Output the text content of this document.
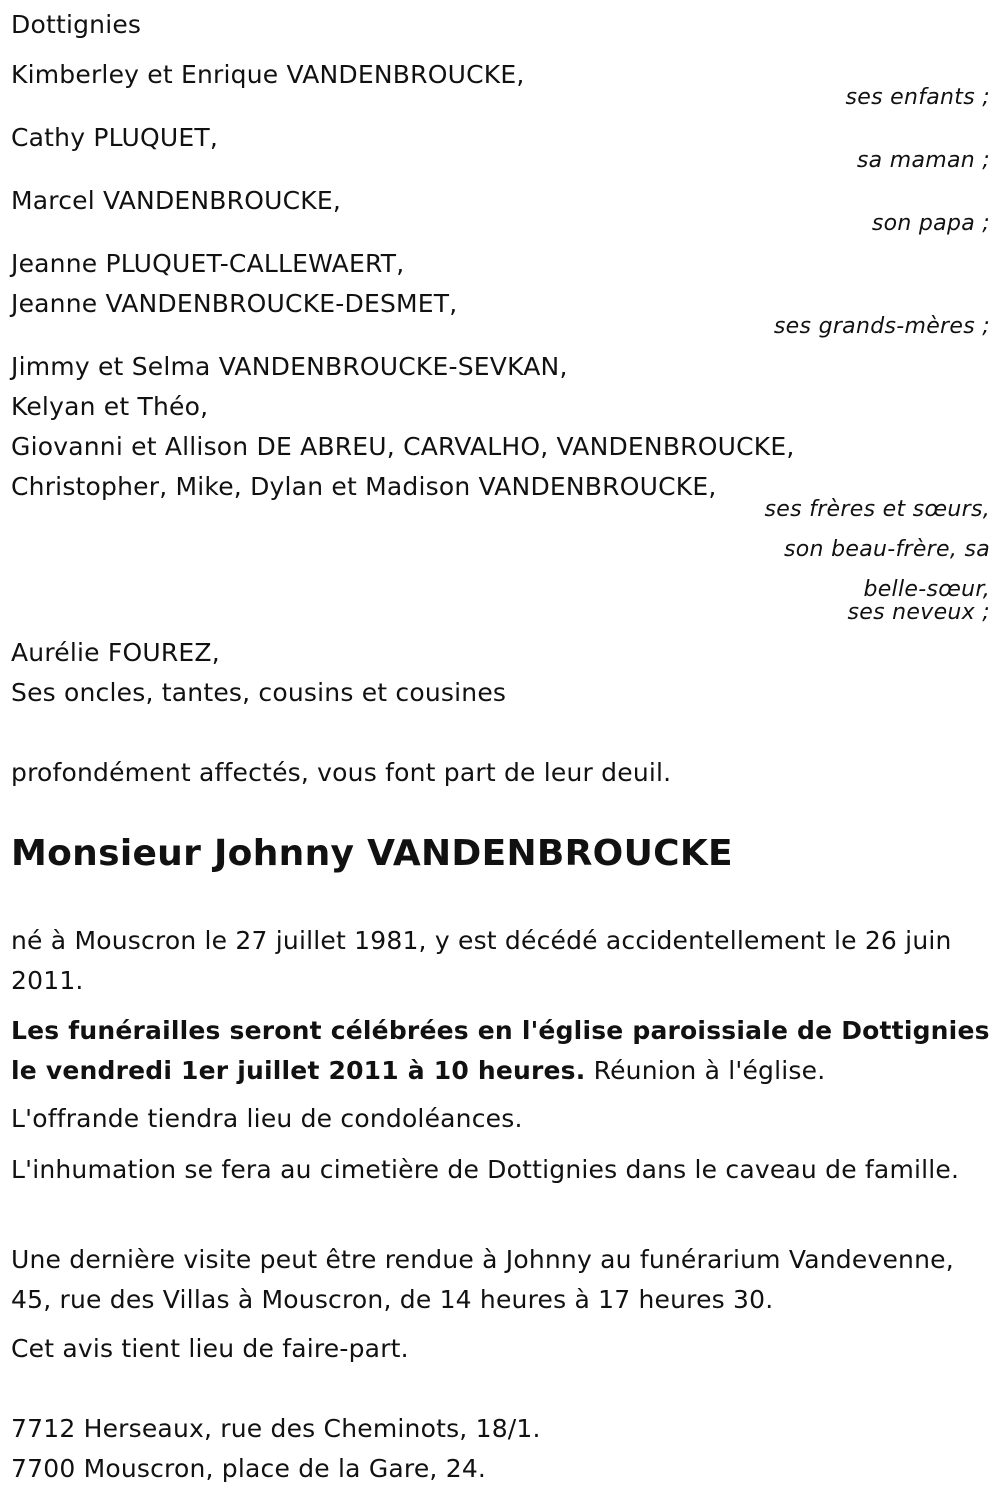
Dottignies
Kimberley et Enrique VANDENBROUCKE,
ses enfants ;
Cathy PLUQUET,
sa maman ;
Marcel VANDENBROUCKE,
son papa ;
Jeanne PLUQUET-CALLEWAERT,
Jeanne VANDENBROUCKE-DESMET,
ses grands-mères ;
Jimmy et Selma VANDENBROUCKE-SEVKAN,
Kelyan et Théo,
Giovanni et Allison DE ABREU, CARVALHO, VANDENBROUCKE,
Christopher, Mike, Dylan et Madison VANDENBROUCKE,
ses frères et sœurs,
son beau-frère, sa
belle-sœur,
ses neveux ;
Aurélie FOUREZ,
Ses oncles, tantes, cousins et cousines
profondément affectés, vous font part de leur deuil.
Monsieur Johnny VANDENBROUCKE
né à Mouscron le 27 juillet 1981, y est décédé accidentellement le 26 juin 2011.
Les funérailles seront célébrées en l'église paroissiale de Dottignies le vendredi 1er juillet 2011 à 10 heures. Réunion à l'église.
L'offrande tiendra lieu de condoléances.
L'inhumation se fera au cimetière de Dottignies dans le caveau de famille.
Une dernière visite peut être rendue à Johnny au funérarium Vandevenne, 45, rue des Villas à Mouscron, de 14 heures à 17 heures 30.
Cet avis tient lieu de faire-part.
7712 Herseaux, rue des Cheminots, 18/1.
7700 Mouscron, place de la Gare, 24.
